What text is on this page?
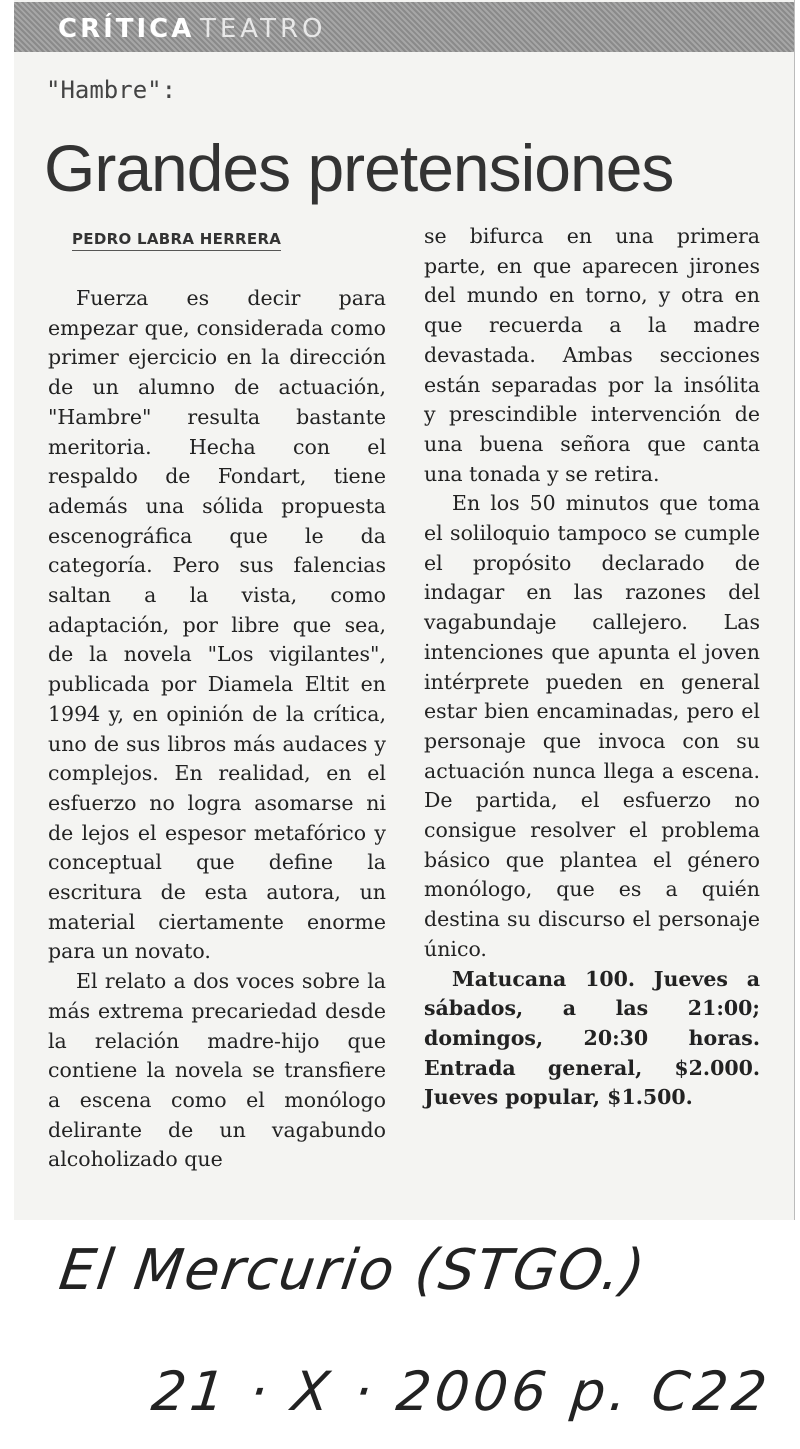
CRÍTICA TEATRO
"Hambre":
Grandes pretensiones
PEDRO LABRA HERRERA

Fuerza es decir para empezar que, considerada como primer ejercicio en la dirección de un alumno de actuación, "Hambre" resulta bastante meritoria. Hecha con el respaldo de Fondart, tiene además una sólida propuesta escenográfica que le da categoría. Pero sus falencias saltan a la vista, como adaptación, por libre que sea, de la novela "Los vigilantes", publicada por Diamela Eltit en 1994 y, en opinión de la crítica, uno de sus libros más audaces y complejos. En realidad, en el esfuerzo no logra asomarse ni de lejos el espesor metafórico y conceptual que define la escritura de esta autora, un material ciertamente enorme para un novato.

El relato a dos voces sobre la más extrema precariedad desde la relación madre-hijo que contiene la novela se transfiere a escena como el monólogo delirante de un vagabundo alcoholizado que

se bifurca en una primera parte, en que aparecen jirones del mundo en torno, y otra en que recuerda a la madre devastada. Ambas secciones están separadas por la insólita y prescindible intervención de una buena señora que canta una tonada y se retira.

En los 50 minutos que toma el soliloquio tampoco se cumple el propósito declarado de indagar en las razones del vagabundaje callejero. Las intenciones que apunta el joven intérprete pueden en general estar bien encaminadas, pero el personaje que invoca con su actuación nunca llega a escena. De partida, el esfuerzo no consigue resolver el problema básico que plantea el género monólogo, que es a quién destina su discurso el personaje único.

Matucana 100. Jueves a sábados, a las 21:00; domingos, 20:30 horas. Entrada general, $2.000. Jueves popular, $1.500.

El Mercurio (STGO.)
21 · X · 2006 p. C22
